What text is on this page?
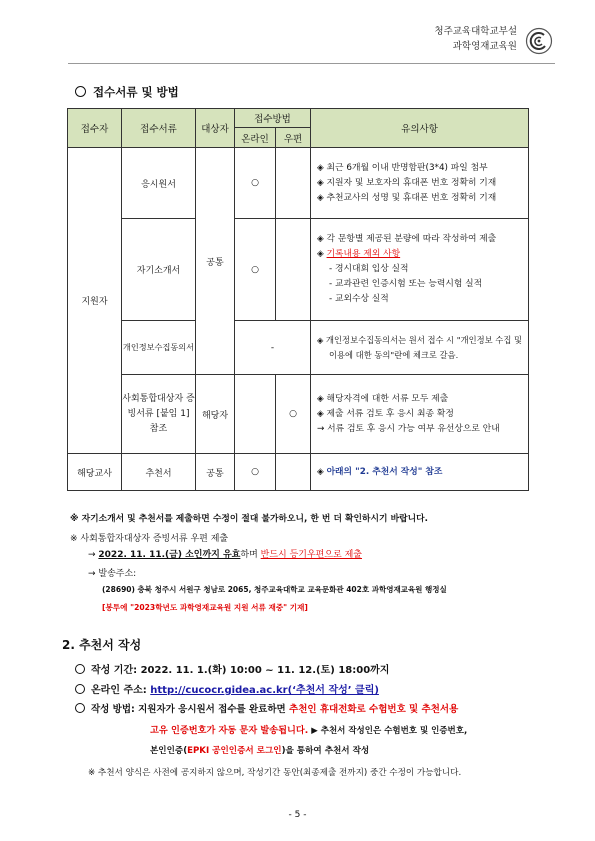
청주교육대학교부설
과학영재교육원
접수서류 및 방법
접수자	접수서류	대상자	접수방법		유의사항
			온라인	우편	
지원자	응시원서	공통	○		◈ 최근 6개월 이내 반명함판(3*4) 파일 첨부
◈ 지원자 및 보호자의 휴대폰 번호 정확히 기재
◈ 추천교사의 성명 및 휴대폰 번호 정확히 기재

	자기소개서		○		◈ 각 문항별 제공된 분량에 따라 작성하여 제출
◈ 기록내용 제외 사항
- 경시대회 입상 실적
- 교과관련 인증시험 또는 능력시험 실적
- 교외수상 실적

	개인정보수집동의서		-		◈ 개인정보수집동의서는 원서 접수 시 "개인정보 수집 및 이용에 대한 동의"란에 체크로 갈음.

	사회통합대상자 증빙서류 [붙임 1] 참조	해당자		○	◈ 해당자격에 대한 서류 모두 제출
◈ 제출 서류 검토 후 응시 최종 확정
→ 서류 검토 후 응시 가능 여부 유선상으로 안내

해당교사	추천서	공통	○		◈ 아래의 "2. 추천서 작성" 참조
※ 자기소개서 및 추천서를 제출하면 수정이 절대 불가하오니, 한 번 더 확인하시기 바랍니다.
※ 사회통합자대상자 증빙서류 우편 제출
→ 2022. 11. 11.(금) 소인까지 유효하며 반드시 등기우편으로 제출
→ 발송주소:
(28690) 충북 청주시 서원구 청남로 2065, 청주교육대학교 교육문화관 402호 과학영재교육원 행정실
[봉투에 "2023학년도 과학영재교육원 지원 서류 재중" 기재]
2. 추천서 작성
작성 기간: 2022. 11. 1.(화) 10:00 ~ 11. 12.(토) 18:00까지
온라인 주소: http://cucocr.gidea.ac.kr(‘추천서 작성’ 클릭)
작성 방법: 지원자가 응시원서 접수를 완료하면 추천인 휴대전화로 수험번호 및 추천서용
고유 인증번호가 자동 문자 발송됩니다. ▶ 추천서 작성인은 수험번호 및 인증번호,
본인인증(EPKI 공인인증서 로그인)을 통하여 추천서 작성
※ 추천서 양식은 사전에 공지하지 않으며, 작성기간 동안(최종제출 전까지) 중간 수정이 가능합니다.
- 5 -
